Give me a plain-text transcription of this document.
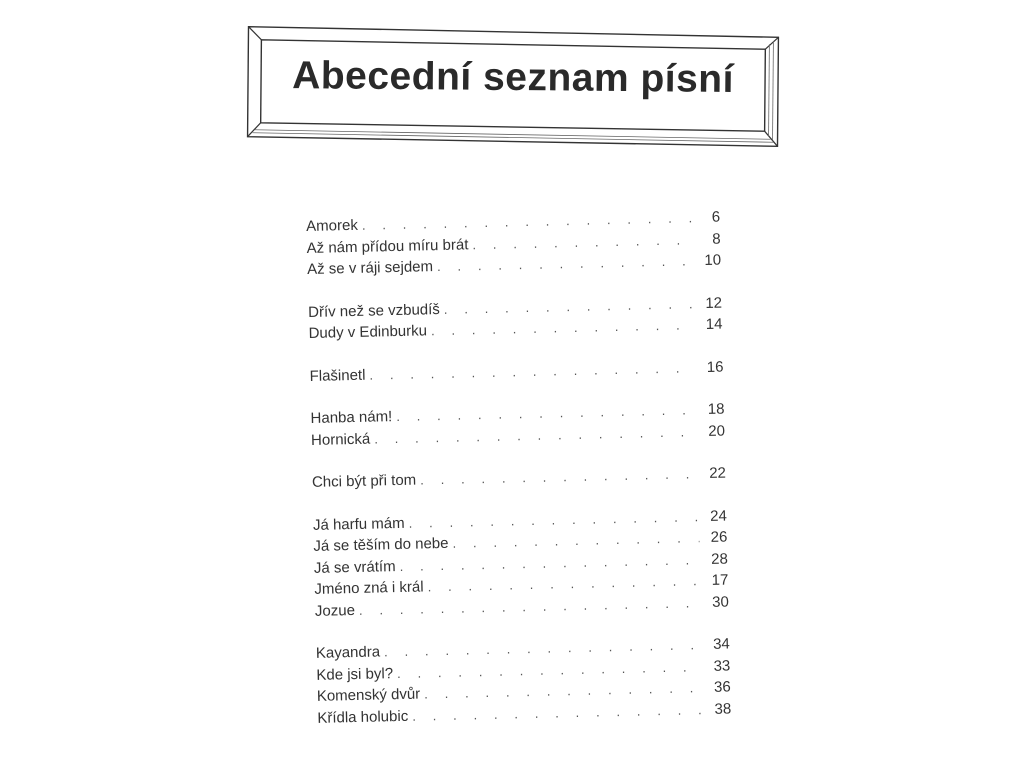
Abecední seznam písní
Amorek . . .	6
Až nám přídou míru brát . . .	8
Až se v ráji sejdem . . .	10
Dřív než se vzbudíš . . .	12
Dudy v Edinburku . . .	14
Flašinetl . . .	16
Hanba nám! . . .	18
Hornická . . .	20
Chci být při tom . . .	22
Já harfu mám . . .	24
Já se těším do nebe . . .	26
Já se vrátím . . .	28
Jméno zná i král . . .	17
Jozue . . .	30
Kayandra . . .	34
Kde jsi byl? . . .	33
Komenský dvůr . . .	36
Křídla holubic . . .	38
